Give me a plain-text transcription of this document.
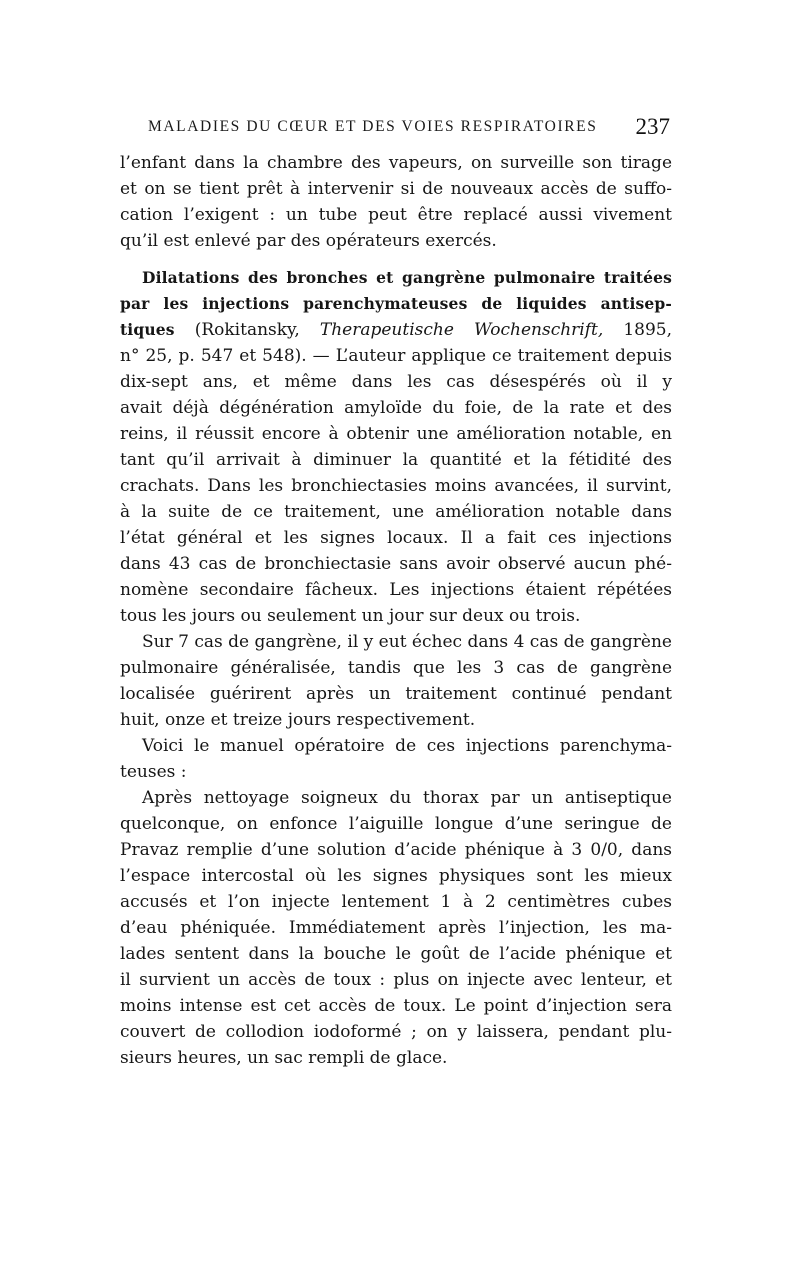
MALADIES DU CŒUR ET DES VOIES RESPIRATOIRES 237
l’enfant dans la chambre des vapeurs, on surveille son tirage
et on se tient prêt à intervenir si de nouveaux accès de suffo-
cation l’exigent : un tube peut être replacé aussi vivement
qu’il est enlevé par des opérateurs exercés.
Dilatations des bronches et gangrène pulmonaire traitées
par les injections parenchymateuses de liquides antisep-
tiques (Rokitansky, Therapeutische Wochenschrift, 1895,
n° 25, p. 547 et 548). — L’auteur applique ce traitement depuis
dix-sept ans, et même dans les cas désespérés où il y
avait déjà dégénération amyloïde du foie, de la rate et des
reins, il réussit encore à obtenir une amélioration notable, en
tant qu’il arrivait à diminuer la quantité et la fétidité des
crachats. Dans les bronchiectasies moins avancées, il survint,
à la suite de ce traitement, une amélioration notable dans
l’état général et les signes locaux. Il a fait ces injections
dans 43 cas de bronchiectasie sans avoir observé aucun phé-
nomène secondaire fâcheux. Les injections étaient répétées
tous les jours ou seulement un jour sur deux ou trois.
Sur 7 cas de gangrène, il y eut échec dans 4 cas de gangrène
pulmonaire généralisée, tandis que les 3 cas de gangrène
localisée guérirent après un traitement continué pendant
huit, onze et treize jours respectivement.
Voici le manuel opératoire de ces injections parenchyma-
teuses :
Après nettoyage soigneux du thorax par un antiseptique
quelconque, on enfonce l’aiguille longue d’une seringue de
Pravaz remplie d’une solution d’acide phénique à 3 0/0, dans
l’espace intercostal où les signes physiques sont les mieux
accusés et l’on injecte lentement 1 à 2 centimètres cubes
d’eau phéniquée. Immédiatement après l’injection, les ma-
lades sentent dans la bouche le goût de l’acide phénique et
il survient un accès de toux : plus on injecte avec lenteur, et
moins intense est cet accès de toux. Le point d’injection sera
couvert de collodion iodoformé ; on y laissera, pendant plu-
sieurs heures, un sac rempli de glace.
